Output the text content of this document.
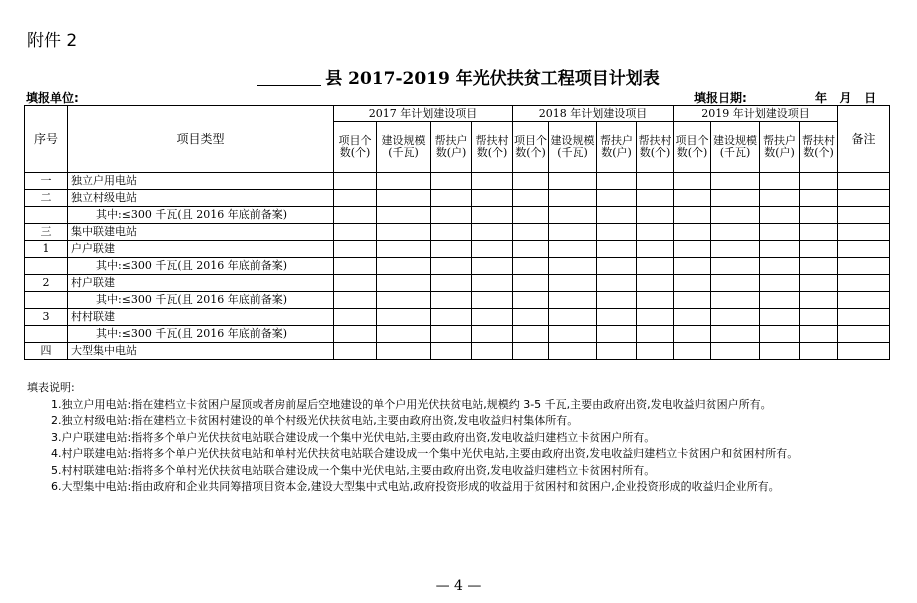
附件 2
县 2017-2019 年光伏扶贫工程项目计划表
填报单位:	填报日期:	年   月   日
序号	项目类型	2017 年计划建设项目				2018 年计划建设项目				2019 年计划建设项目				备注
		项目个数(个)	建设规模(千瓦)	帮扶户数(户)	帮扶村数(个)	项目个数(个)	建设规模(千瓦)	帮扶户数(户)	帮扶村数(个)	项目个数(个)	建设规模(千瓦)	帮扶户数(户)	帮扶村数(个)	
一	独立户用电站													
二	独立村级电站													
	其中:≤300 千瓦(且 2016 年底前备案)													
三	集中联建电站													
1	户户联建													
	其中:≤300 千瓦(且 2016 年底前备案)													
2	村户联建													
	其中:≤300 千瓦(且 2016 年底前备案)													
3	村村联建													
	其中:≤300 千瓦(且 2016 年底前备案)													
四	大型集中电站													

填表说明:

1.独立户用电站:指在建档立卡贫困户屋顶或者房前屋后空地建设的单个户用光伏扶贫电站,规模约 3-5 千瓦,主要由政府出资,发电收益归贫困户所有。

2.独立村级电站:指在建档立卡贫困村建设的单个村级光伏扶贫电站,主要由政府出资,发电收益归村集体所有。

3.户户联建电站:指将多个单户光伏扶贫电站联合建设成一个集中光伏电站,主要由政府出资,发电收益归建档立卡贫困户所有。

4.村户联建电站:指将多个单户光伏扶贫电站和单村光伏扶贫电站联合建设成一个集中光伏电站,主要由政府出资,发电收益归建档立卡贫困户和贫困村所有。

5.村村联建电站:指将多个单村光伏扶贫电站联合建设成一个集中光伏电站,主要由政府出资,发电收益归建档立卡贫困村所有。

6.大型集中电站:指由政府和企业共同筹措项目资本金,建设大型集中式电站,政府投资形成的收益用于贫困村和贫困户,企业投资形成的收益归企业所有。

— 4 —
